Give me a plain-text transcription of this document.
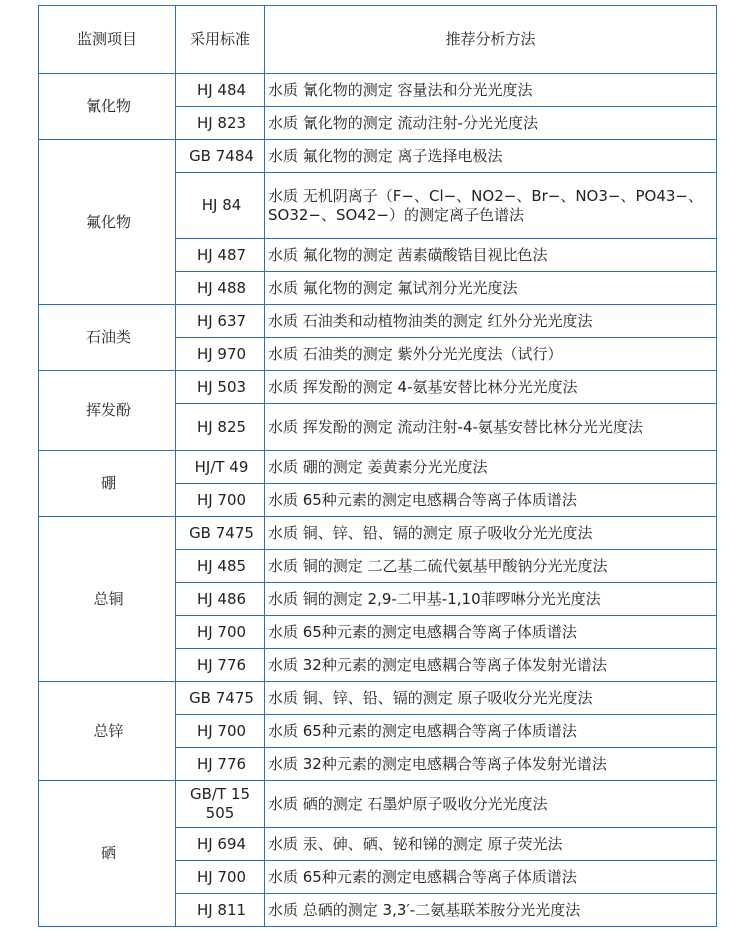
监测项目	采用标准	推荐分析方法
氰化物	HJ 484	水质 氰化物的测定 容量法和分光光度法
	HJ 823	水质 氰化物的测定 流动注射-分光光度法
氟化物	GB 7484	水质 氟化物的测定 离子选择电极法
	HJ 84	水质 无机阴离子（F−、Cl−、NO2−、Br−、NO3−、PO43−、SO32−、SO42−）的测定离子色谱法
	HJ 487	水质 氟化物的测定 茜素磺酸锆目视比色法
	HJ 488	水质 氟化物的测定 氟试剂分光光度法
石油类	HJ 637	水质 石油类和动植物油类的测定 红外分光光度法
	HJ 970	水质 石油类的测定 紫外分光光度法（试行）
挥发酚	HJ 503	水质 挥发酚的测定 4-氨基安替比林分光光度法
	HJ 825	水质 挥发酚的测定 流动注射-4-氨基安替比林分光光度法
硼	HJ/T 49	水质 硼的测定 姜黄素分光光度法
	HJ 700	水质 65种元素的测定电感耦合等离子体质谱法
总铜	GB 7475	水质 铜、锌、铅、镉的测定 原子吸收分光光度法
	HJ 485	水质 铜的测定 二乙基二硫代氨基甲酸钠分光光度法
	HJ 486	水质 铜的测定 2,9-二甲基-1,10菲啰啉分光光度法
	HJ 700	水质 65种元素的测定电感耦合等离子体质谱法
	HJ 776	水质 32种元素的测定电感耦合等离子体发射光谱法
总锌	GB 7475	水质 铜、锌、铅、镉的测定 原子吸收分光光度法
	HJ 700	水质 65种元素的测定电感耦合等离子体质谱法
	HJ 776	水质 32种元素的测定电感耦合等离子体发射光谱法
硒	GB/T 15505	水质 硒的测定 石墨炉原子吸收分光光度法
	HJ 694	水质 汞、砷、硒、铋和锑的测定 原子荧光法
	HJ 700	水质 65种元素的测定电感耦合等离子体质谱法
	HJ 811	水质 总硒的测定 3,3′-二氨基联苯胺分光光度法
